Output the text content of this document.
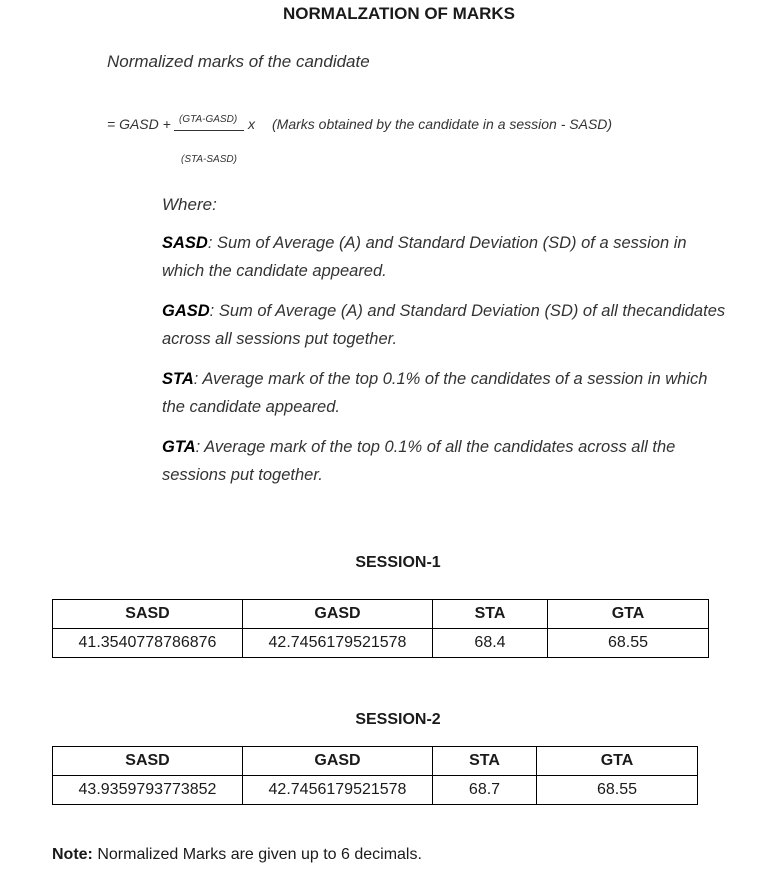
NORMALZATION OF MARKS
Normalized marks of the candidate
= GASD + (GTA-GASD)
(STA-SASD)
x (Marks obtained by the candidate in a session - SASD)
Where:
SASD: Sum of Average (A) and Standard Deviation (SD) of a session in
which the candidate appeared.
GASD: Sum of Average (A) and Standard Deviation (SD) of all thecandidates
across all sessions put together.
STA: Average mark of the top 0.1% of the candidates of a session in which
the candidate appeared.
GTA: Average mark of the top 0.1% of all the candidates across all the
sessions put together.
SESSION-1
SASD	GASD	STA	GTA
41.3540778786876	42.7456179521578	68.4	68.55
SESSION-2
SASD	GASD	STA	GTA
43.9359793773852	42.7456179521578	68.7	68.55
Note: Normalized Marks are given up to 6 decimals.
